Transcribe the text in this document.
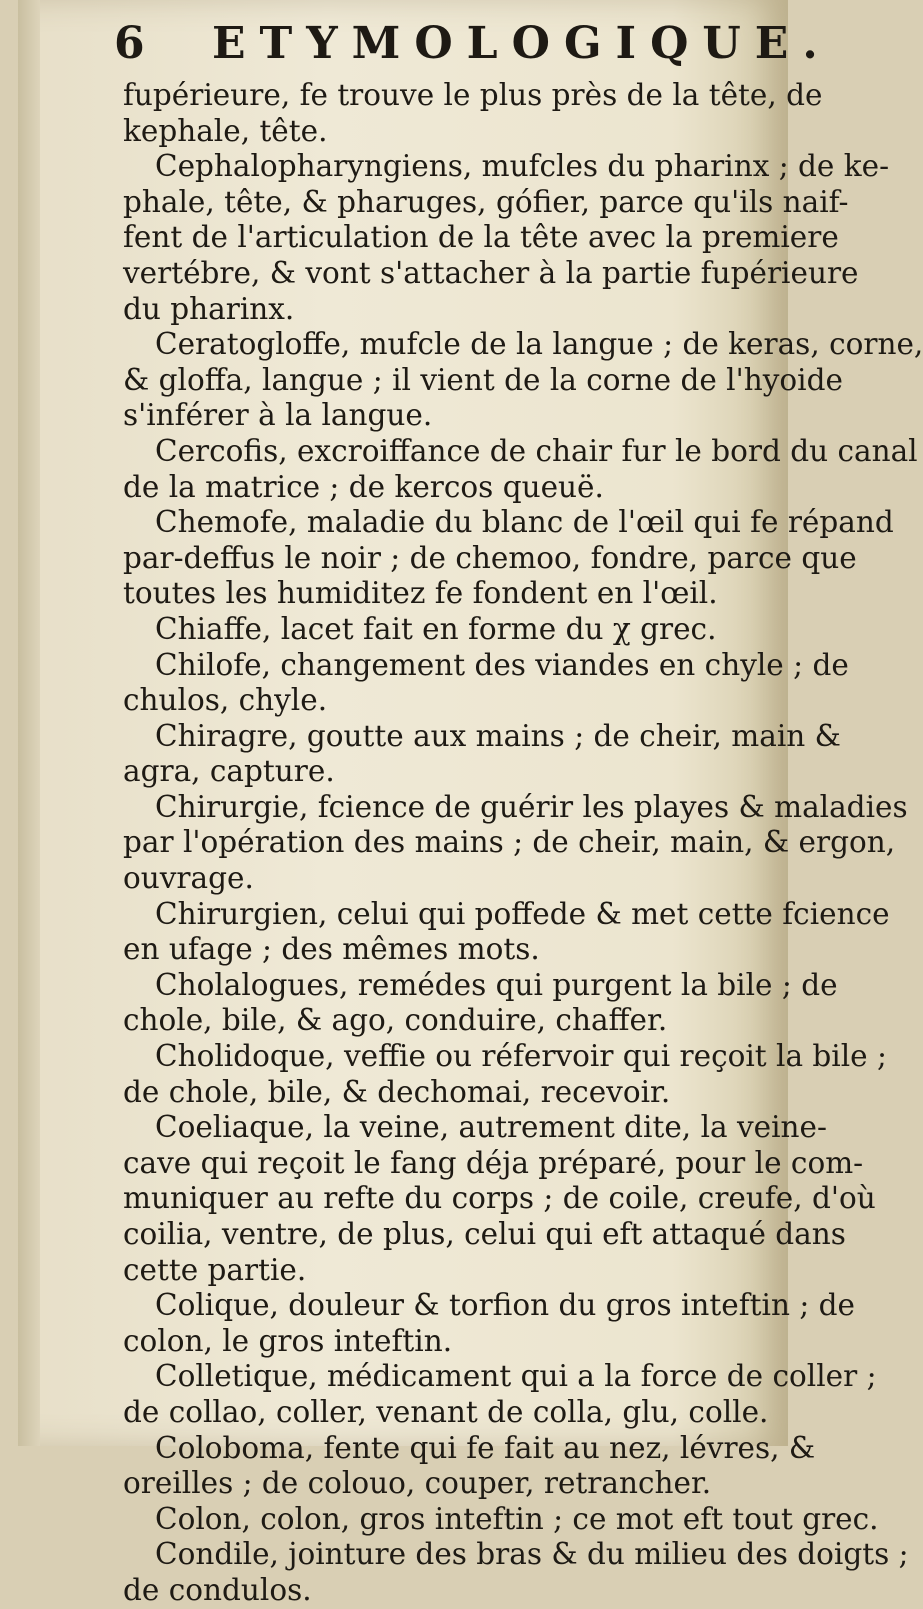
6 ETYMOLOGIQUE.
fupérieure, fe trouve le plus près de la tête, de
kephale, tête.
Cephalopharyngiens, mufcles du pharinx ; de ke-
phale, tête, & pharuges, gófier, parce qu'ils naif-
fent de l'articulation de la tête avec la premiere
vertébre, & vont s'attacher à la partie fupérieure
du pharinx.
Ceratogloffe, mufcle de la langue ; de keras, corne,
& gloffa, langue ; il vient de la corne de l'hyoide
s'inférer à la langue.
Cercofis, excroiffance de chair fur le bord du canal
de la matrice ; de kercos queuë.
Chemofe, maladie du blanc de l'œil qui fe répand
par-deffus le noir ; de chemoo, fondre, parce que
toutes les humiditez fe fondent en l'œil.
Chiaffe, lacet fait en forme du χ grec.
Chilofe, changement des viandes en chyle ; de
chulos, chyle.
Chiragre, goutte aux mains ; de cheir, main &
agra, capture.
Chirurgie, fcience de guérir les playes & maladies
par l'opération des mains ; de cheir, main, & ergon,
ouvrage.
Chirurgien, celui qui poffede & met cette fcience
en ufage ; des mêmes mots.
Cholalogues, remédes qui purgent la bile ; de
chole, bile, & ago, conduire, chaffer.
Cholidoque, veffie ou réfervoir qui reçoit la bile ;
de chole, bile, & dechomai, recevoir.
Coeliaque, la veine, autrement dite, la veine-
cave qui reçoit le fang déja préparé, pour le com-
muniquer au refte du corps ; de coile, creufe, d'où
coilia, ventre, de plus, celui qui eft attaqué dans
cette partie.
Colique, douleur & torfion du gros inteftin ; de
colon, le gros inteftin.
Colletique, médicament qui a la force de coller ;
de collao, coller, venant de colla, glu, colle.
Coloboma, fente qui fe fait au nez, lévres, &
oreilles ; de colouo, couper, retrancher.
Colon, colon, gros inteftin ; ce mot eft tout grec.
Condile, jointure des bras & du milieu des doigts ;
de condulos.
